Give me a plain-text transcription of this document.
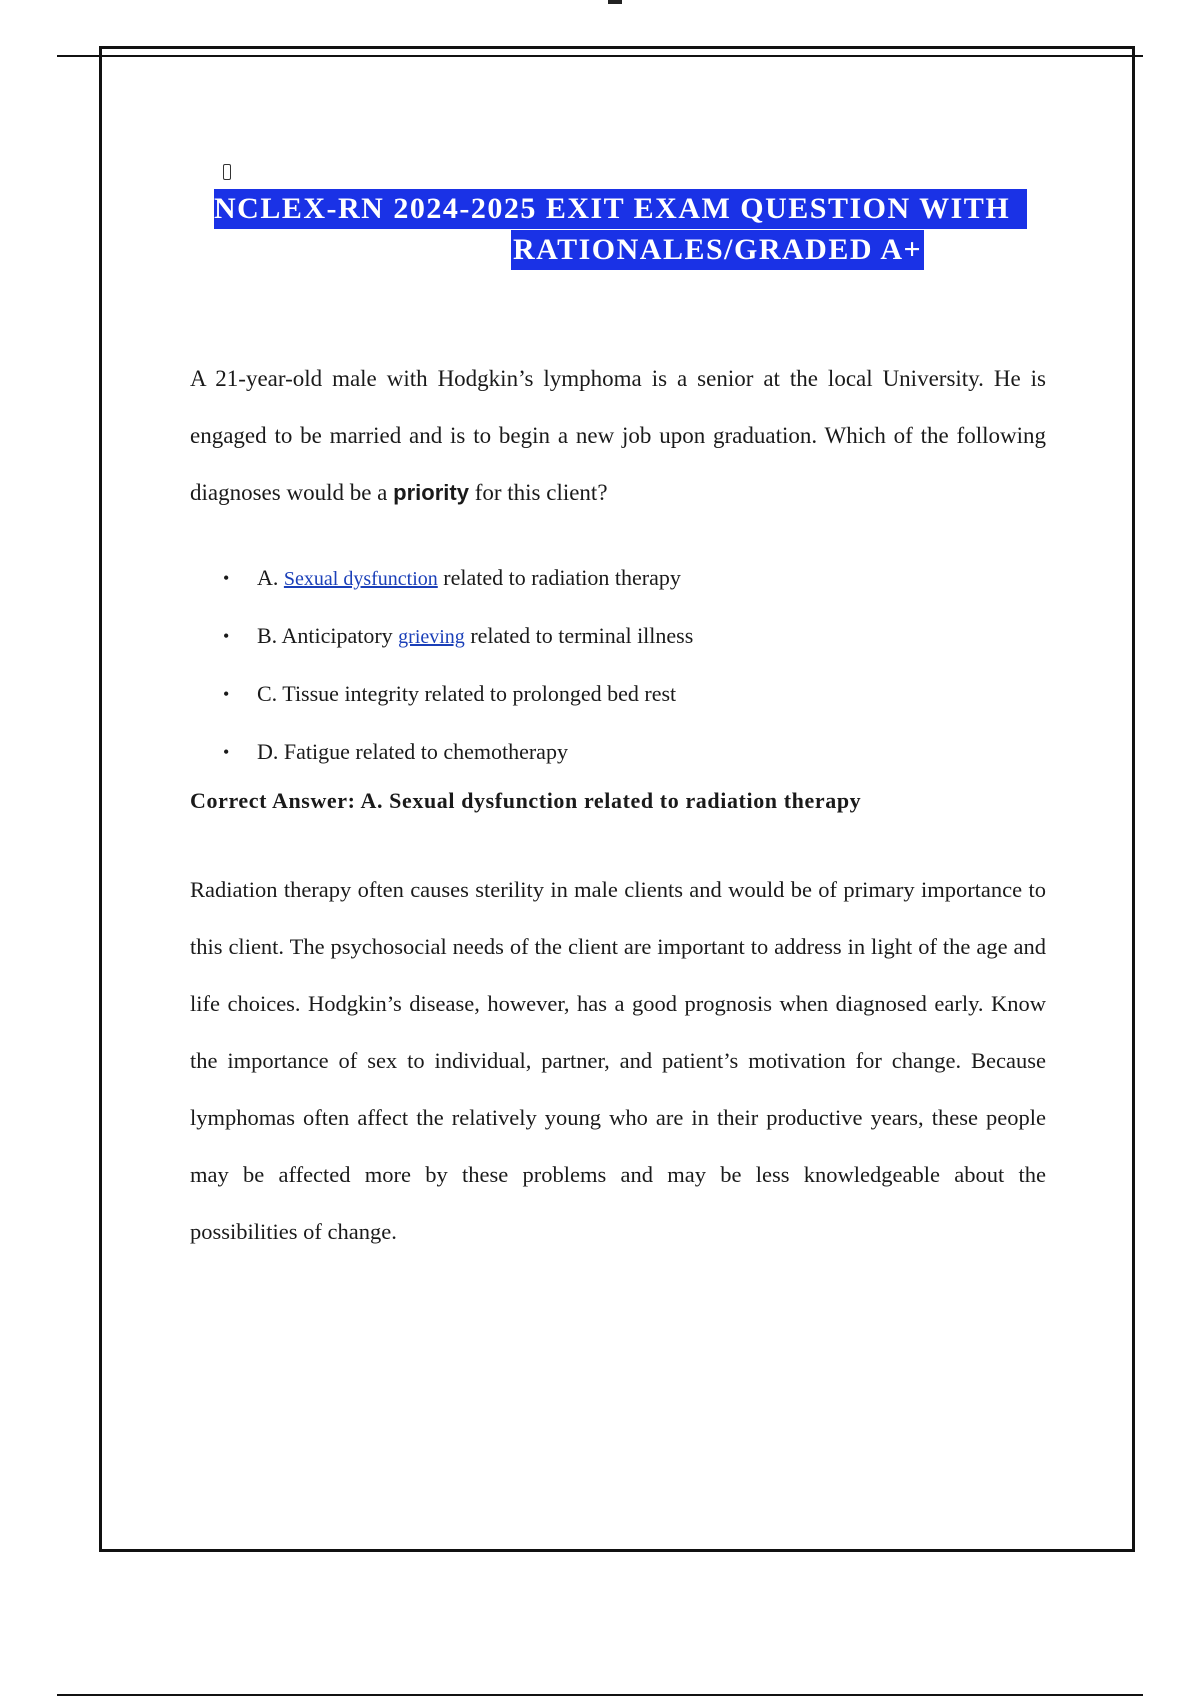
NCLEX-RN 2024-2025 EXIT EXAM QUESTION WITH
RATIONALES/GRADED A+

A 21-year-old male with Hodgkin’s lymphoma is a senior at the local University. He is engaged to be married and is to begin a new job upon graduation. Which of the following diagnoses would be a priority for this client?

• A. Sexual dysfunction related to radiation therapy
• B. Anticipatory grieving related to terminal illness
• C. Tissue integrity related to prolonged bed rest
• D. Fatigue related to chemotherapy

Correct Answer: A. Sexual dysfunction related to radiation therapy

Radiation therapy often causes sterility in male clients and would be of primary importance to this client. The psychosocial needs of the client are important to address in light of the age and life choices. Hodgkin’s disease, however, has a good prognosis when diagnosed early. Know the importance of sex to individual, partner, and patient’s motivation for change. Because lymphomas often affect the relatively young who are in their productive years, these people may be affected more by these problems and may be less knowledgeable about the possibilities of change.
